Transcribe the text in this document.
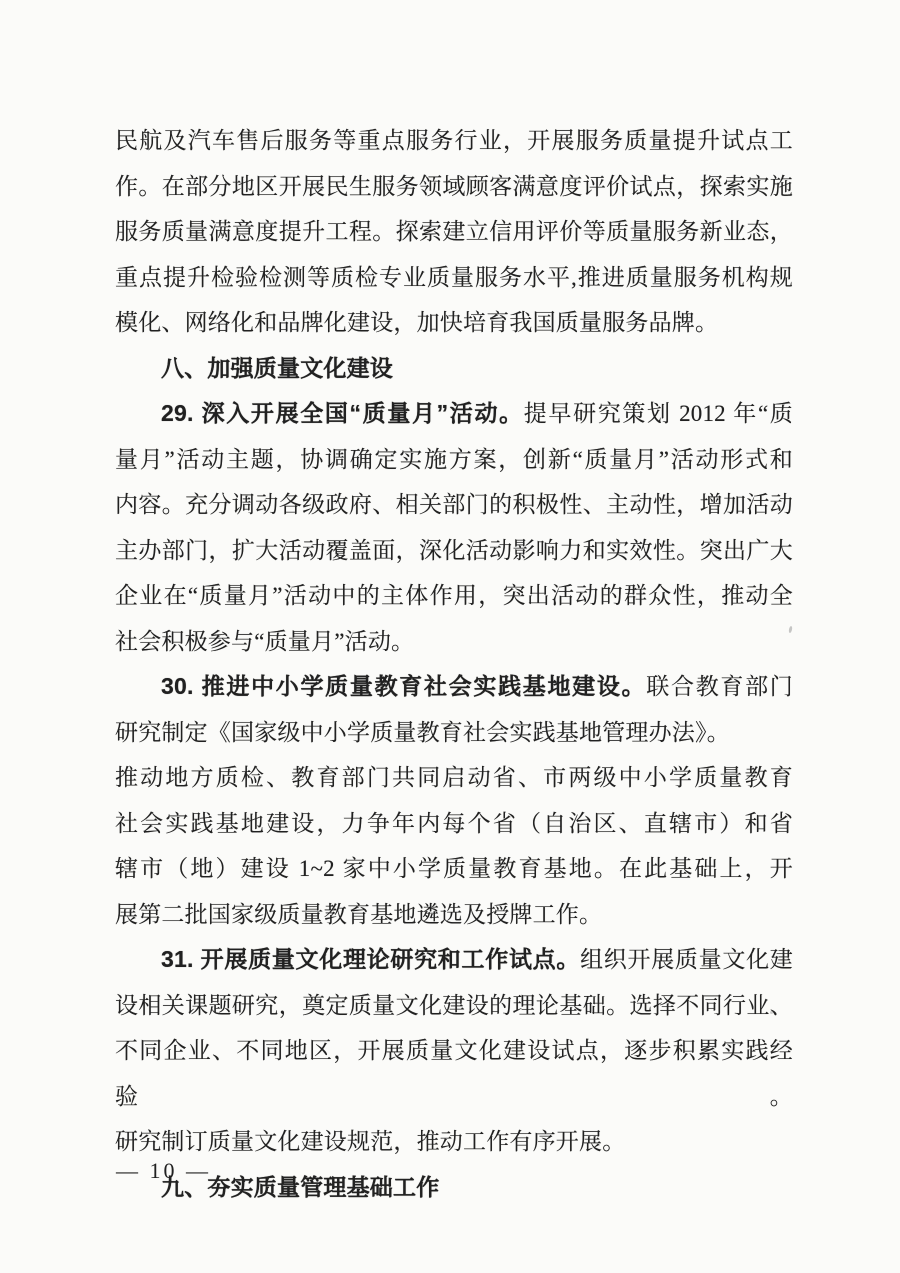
民航及汽车售后服务等重点服务行业，开展服务质量提升试点工
作。在部分地区开展民生服务领域顾客满意度评价试点，探索实施
服务质量满意度提升工程。探索建立信用评价等质量服务新业态，
重点提升检验检测等质检专业质量服务水平,推进质量服务机构规
模化、网络化和品牌化建设，加快培育我国质量服务品牌。
八、加强质量文化建设
29. 深入开展全国“质量月”活动。提早研究策划 2012 年“质
量月”活动主题，协调确定实施方案，创新“质量月”活动形式和
内容。充分调动各级政府、相关部门的积极性、主动性，增加活动
主办部门，扩大活动覆盖面，深化活动影响力和实效性。突出广大
企业在“质量月”活动中的主体作用，突出活动的群众性，推动全
社会积极参与“质量月”活动。
30. 推进中小学质量教育社会实践基地建设。联合教育部门
研究制定《国家级中小学质量教育社会实践基地管理办法》。
推动地方质检、教育部门共同启动省、市两级中小学质量教育
社会实践基地建设，力争年内每个省（自治区、直辖市）和省
辖市（地）建设 1~2 家中小学质量教育基地。在此基础上，开
展第二批国家级质量教育基地遴选及授牌工作。
31. 开展质量文化理论研究和工作试点。组织开展质量文化建
设相关课题研究，奠定质量文化建设的理论基础。选择不同行业、
不同企业、不同地区，开展质量文化建设试点，逐步积累实践经验。
研究制订质量文化建设规范，推动工作有序开展。
九、夯实质量管理基础工作
— 10 —
